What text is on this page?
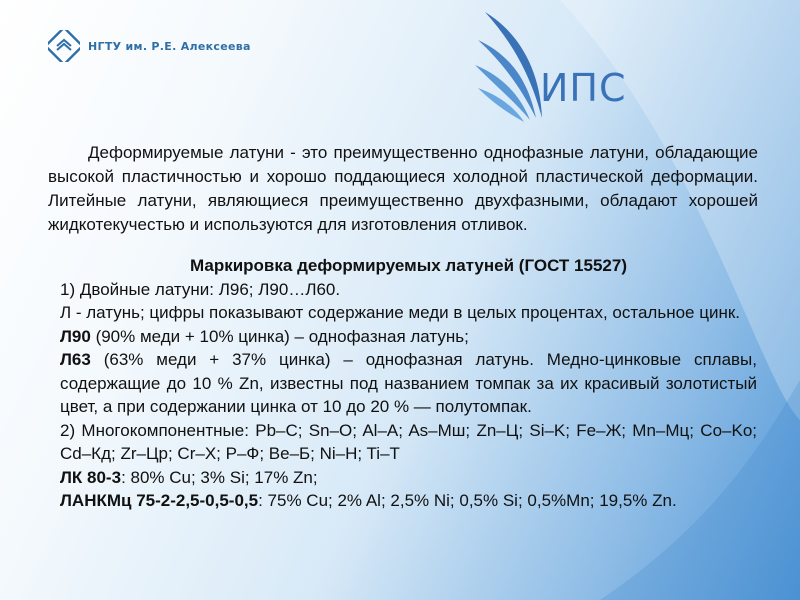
НГТУ им. Р.Е. Алексеева
ИПС

Деформируемые латуни - это преимущественно однофазные латуни, обладающие высокой пластичностью и хорошо поддающиеся холодной пластической деформации. Литейные латуни, являющиеся преимущественно двухфазными, обладают хорошей жидкотекучестью и используются для изготовления отливок.

Маркировка деформируемых латуней (ГОСТ 15527)

1) Двойные латуни: Л96; Л90…Л60.

Л - латунь; цифры показывают содержание меди в целых процентах, остальное цинк.

Л90 (90% меди + 10% цинка) – однофазная латунь;

Л63 (63% меди + 37% цинка) – однофазная латунь. Медно-цинковые сплавы, содержащие до 10 % Zn, известны под названием томпак за их красивый золотистый цвет, а при содержании цинка от 10 до 20 % — полутомпак.

2) Многокомпонентные: Pb–C; Sn–O; Al–A; As–Мш; Zn–Ц; Si–K; Fe–Ж; Mn–Мц; Co–Ko; Cd–Кд; Zr–Цр; Cr–X; P–Ф; Be–Б; Ni–H; Ti–T

ЛК 80-3: 80% Cu; 3% Si; 17% Zn;

ЛАНКМц 75-2-2,5-0,5-0,5: 75% Cu; 2% Al; 2,5% Ni; 0,5% Si; 0,5%Mn; 19,5% Zn.
